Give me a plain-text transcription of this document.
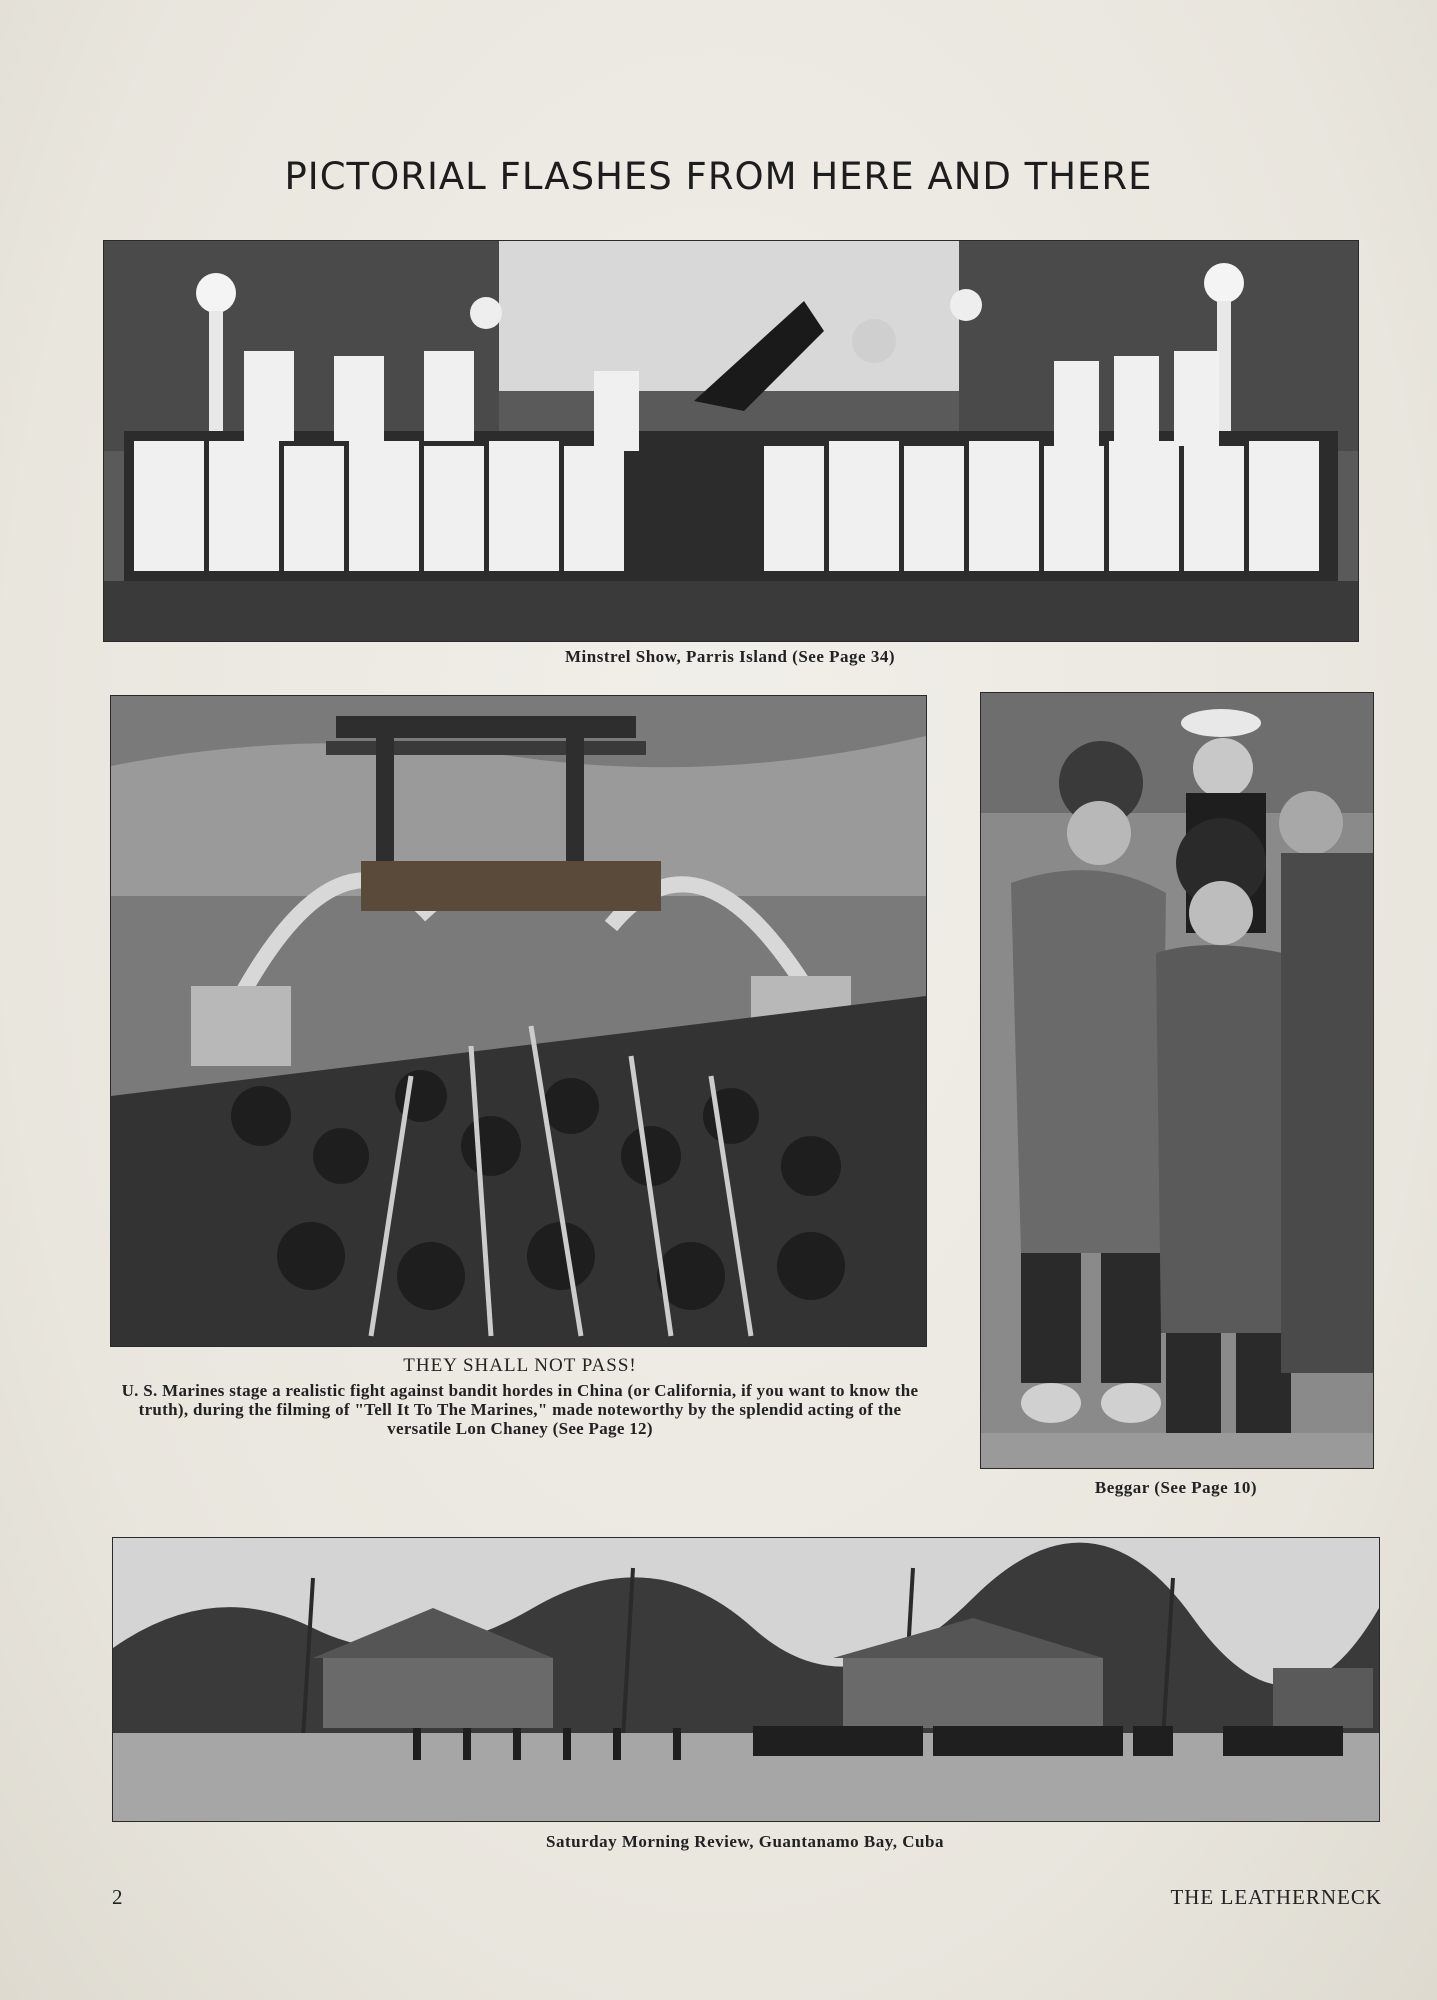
PICTORIAL FLASHES FROM HERE AND THERE
Minstrel Show, Parris Island (See Page 34)
THEY SHALL NOT PASS!
U. S. Marines stage a realistic fight against bandit hordes in China (or California, if you want to know the truth), during the filming of "Tell It To The Marines," made noteworthy by the splendid acting of the versatile Lon Chaney (See Page 12)
Beggar (See Page 10)
Saturday Morning Review, Guantanamo Bay, Cuba
2	THE LEATHERNECK
